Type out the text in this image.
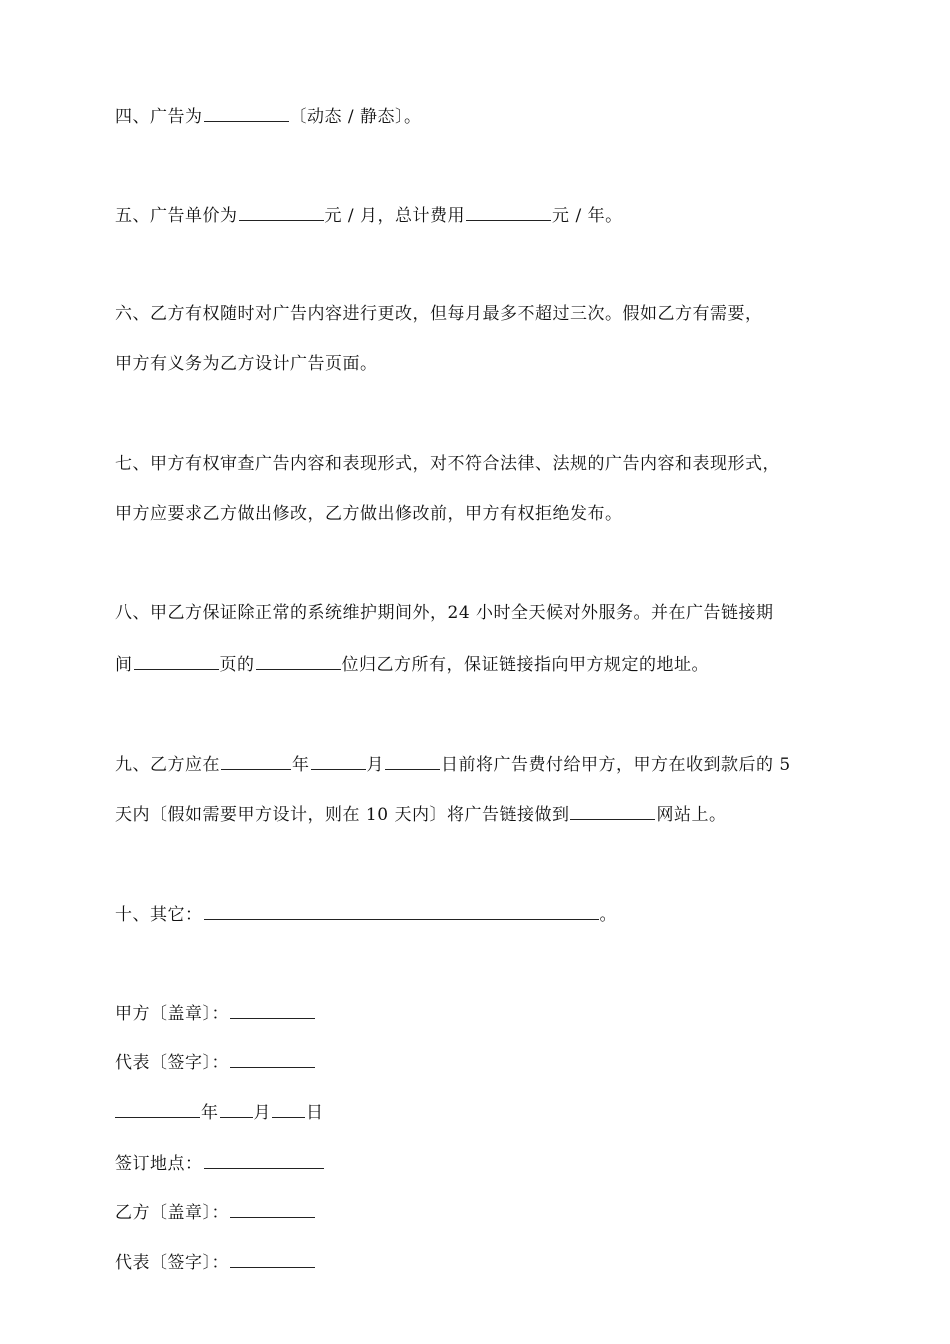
四、广告为	〔动态 / 静态〕。
五、广告单价为	元 / 月，总计费用	元 / 年。
六、乙方有权随时对广告内容进行更改，但每月最多不超过三次。假如乙方有需要，
甲方有义务为乙方设计广告页面。
七、甲方有权审查广告内容和表现形式，对不符合法律、法规的广告内容和表现形式，
甲方应要求乙方做出修改，乙方做出修改前，甲方有权拒绝发布。
八、甲乙方保证除正常的系统维护期间外，24 小时全天候对外服务。并在广告链接期
间	页的	位归乙方所有，保证链接指向甲方规定的地址。
九、乙方应在	年	月	日前将广告费付给甲方，甲方在收到款后的 5
天内〔假如需要甲方设计，则在 10 天内〕将广告链接做到	网站上。
十、其它：	。
甲方〔盖章〕：
代表〔签字〕：
年 月 日
签订地点：
乙方〔盖章〕：
代表〔签字〕：
